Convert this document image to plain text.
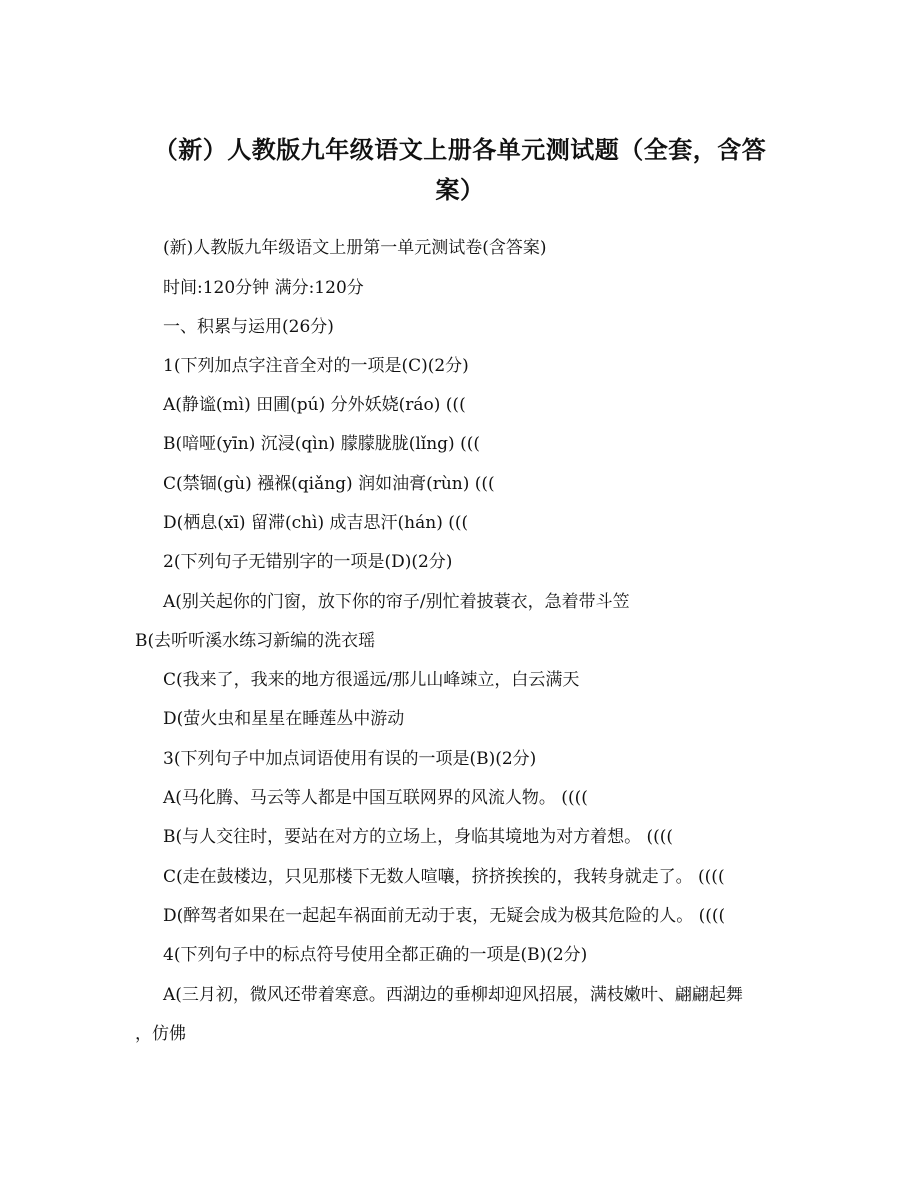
（新）人教版九年级语文上册各单元测试题（全套，含答
案）
(新)人教版九年级语文上册第一单元测试卷(含答案)
时间:120分钟 满分:120分
一、积累与运用(26分)
1(下列加点字注音全对的一项是(C)(2分)
A(静谧(mì) 田圃(pú) 分外妖娆(ráo) (((
B(喑哑(yīn) 沉浸(qìn) 朦朦胧胧(lǐng) (((
C(禁锢(gù) 襁褓(qiǎng) 润如油膏(rùn) (((
D(栖息(xī) 留滞(chì) 成吉思汗(hán) (((
2(下列句子无错别字的一项是(D)(2分)
A(别关起你的门窗，放下你的帘子/别忙着披蓑衣，急着带斗笠
B(去听听溪水练习新编的洗衣瑶
C(我来了，我来的地方很遥远/那儿山峰竦立，白云满天
D(萤火虫和星星在睡莲丛中游动
3(下列句子中加点词语使用有误的一项是(B)(2分)
A(马化腾、马云等人都是中国互联网界的风流人物。 ((((
B(与人交往时，要站在对方的立场上，身临其境地为对方着想。 ((((
C(走在鼓楼边，只见那楼下无数人喧嚷，挤挤挨挨的，我转身就走了。 ((((
D(醉驾者如果在一起起车祸面前无动于衷，无疑会成为极其危险的人。 ((((
4(下列句子中的标点符号使用全都正确的一项是(B)(2分)
A(三月初，微风还带着寒意。西湖边的垂柳却迎风招展，满枝嫩叶、翩翩起舞
，仿佛
